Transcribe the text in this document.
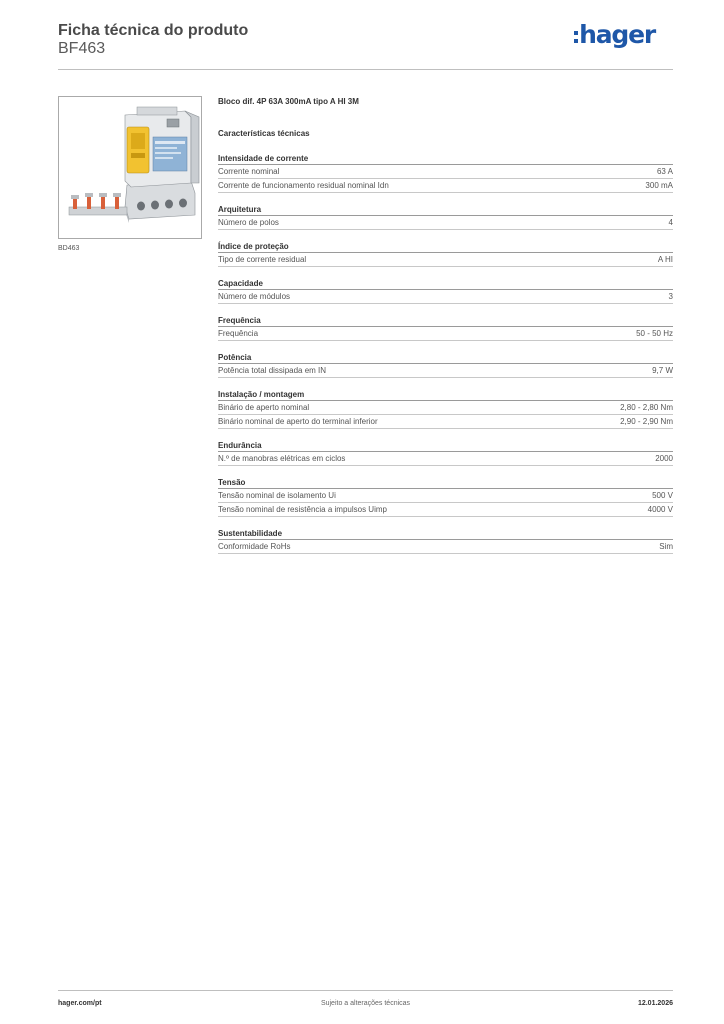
Ficha técnica do produto
BF463	hager
BD463
Bloco dif. 4P 63A 300mA tipo A HI 3M
Características técnicas
Intensidade de corrente
Corrente nominal	63 A
Corrente de funcionamento residual nominal Idn	300 mA
Arquitetura
Número de polos	4
Índice de proteção
Tipo de corrente residual	A HI
Capacidade
Número de módulos	3
Frequência
Frequência	50 - 50 Hz
Potência
Potência total dissipada em IN	9,7 W
Instalação / montagem
Binário de aperto nominal	2,80 - 2,80 Nm
Binário nominal de aperto do terminal inferior	2,90 - 2,90 Nm
Endurância
N.º de manobras elétricas em ciclos	2000
Tensão
Tensão nominal de isolamento Ui	500 V
Tensão nominal de resistência a impulsos Uimp	4000 V
Sustentabilidade
Conformidade RoHs	Sim
hager.com/pt	Sujeito a alterações técnicas	12.01.2026
